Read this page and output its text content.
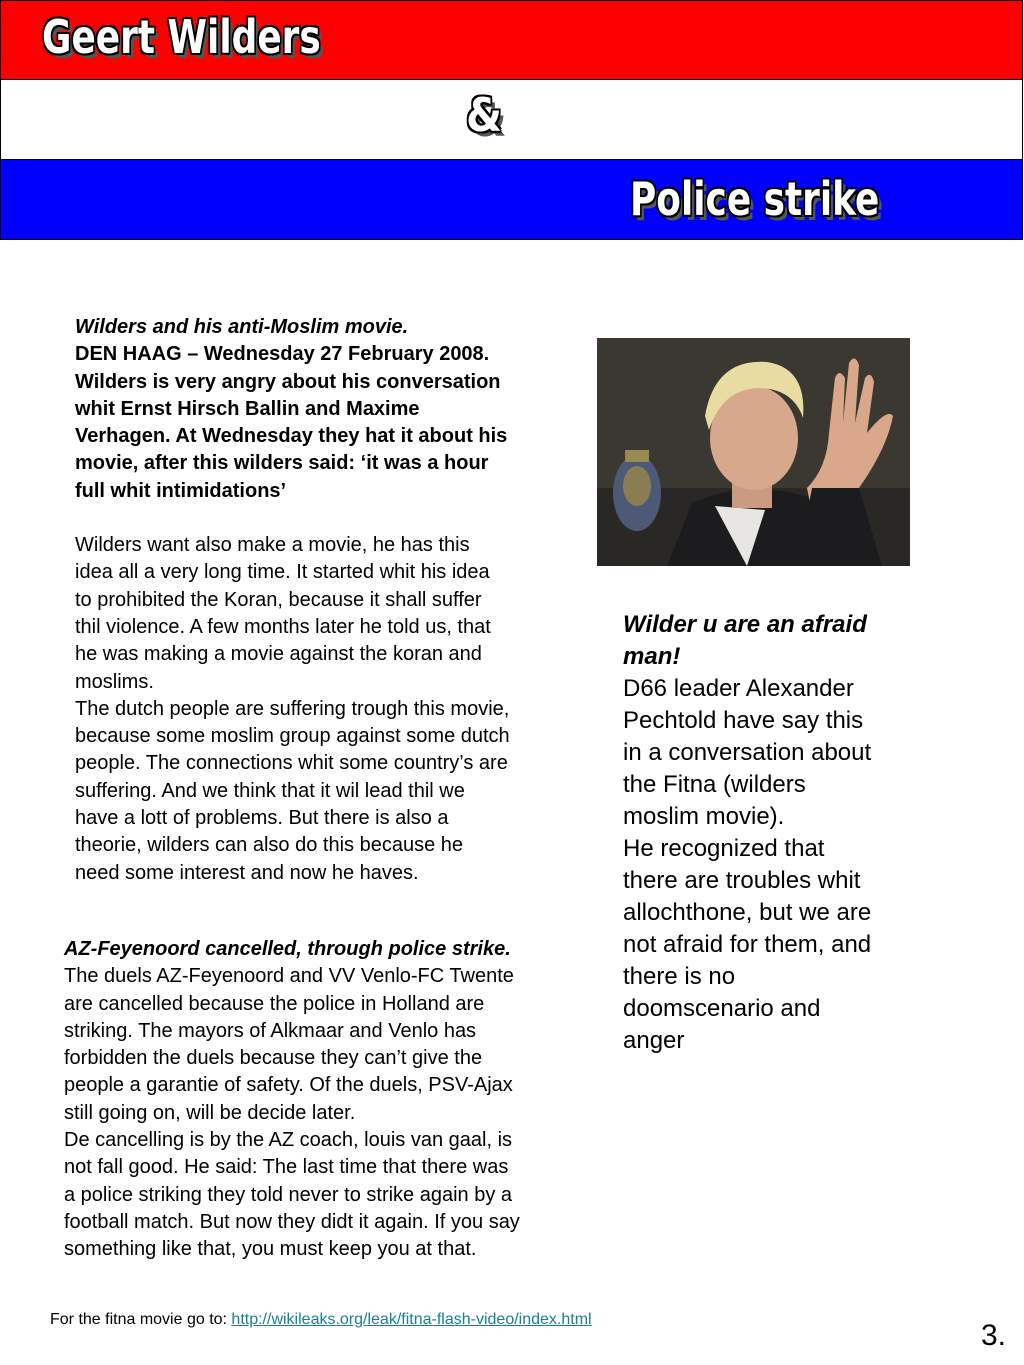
Geert Wilders
&
Police strike
Wilders and his anti-Moslim movie.
DEN HAAG – Wednesday 27 February 2008.
Wilders is very angry about his conversation
whit Ernst Hirsch Ballin and Maxime
Verhagen. At Wednesday they hat it about his
movie, after this wilders said: ‘it was a hour
full whit intimidations’
Wilders want also make a movie, he has this
idea all a very long time. It started whit his idea
to prohibited the Koran, because it shall suffer
thil violence. A few months later he told us, that
he was making a movie against the koran and
moslims.
The dutch people are suffering trough this movie,
because some moslim group against some dutch
people. The connections whit some country’s are
suffering. And we think that it wil lead thil we
have a lott of problems. But there is also a
theorie, wilders can also do this because he
need some interest and now he haves.
Wilder u are an afraid
man!
D66 leader Alexander
Pechtold have say this
in a conversation about
the Fitna (wilders
moslim movie).
He recognized that
there are troubles whit
allochthone, but we are
not afraid for them, and
there is no
doomscenario and
anger
AZ-Feyenoord cancelled, through police strike.
The duels AZ-Feyenoord and VV Venlo-FC Twente
are cancelled because the police in Holland are
striking. The mayors of Alkmaar and Venlo has
forbidden the duels because they can’t give the
people a garantie of safety. Of the duels, PSV-Ajax
still going on, will be decide later.
De cancelling is by the AZ coach, louis van gaal, is
not fall good. He said: The last time that there was
a police striking they told never to strike again by a
football match. But now they didt it again. If you say
something like that, you must keep you at that.
For the fitna movie go to: http://wikileaks.org/leak/fitna-flash-video/index.html	3.
